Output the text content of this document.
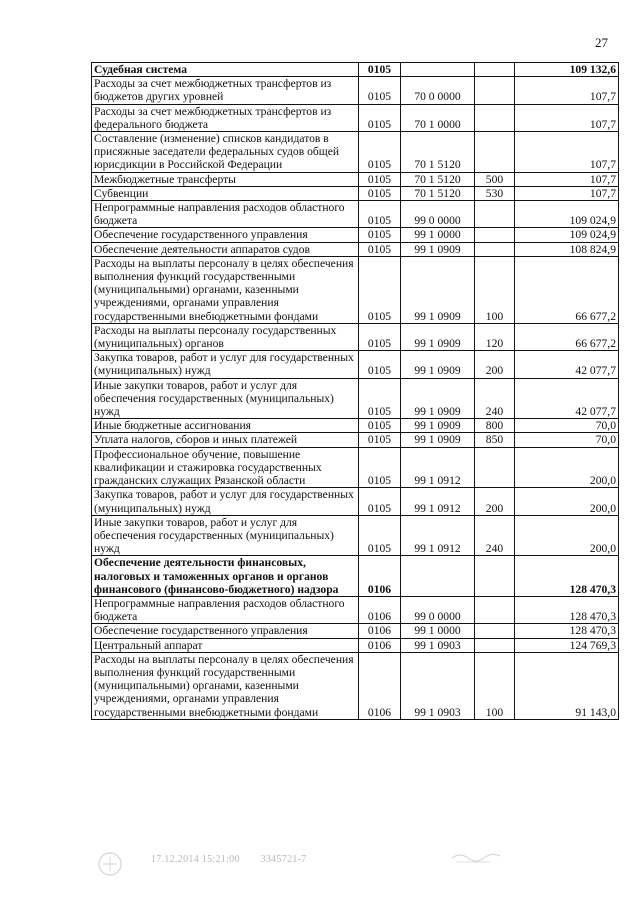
27
Судебная система	0105			109 132,6
Расходы за счет межбюджетных трансфертов из бюджетов других уровней	0105	70 0 0000		107,7
Расходы за счет межбюджетных трансфертов из федерального бюджета	0105	70 1 0000		107,7
Составление (изменение) списков кандидатов в присяжные заседатели федеральных судов общей юрисдикции в Российской Федерации	0105	70 1 5120		107,7
Межбюджетные трансферты	0105	70 1 5120	500	107,7
Субвенции	0105	70 1 5120	530	107,7
Непрограммные направления расходов областного бюджета	0105	99 0 0000		109 024,9
Обеспечение государственного управления	0105	99 1 0000		109 024,9
Обеспечение деятельности аппаратов судов	0105	99 1 0909		108 824,9
Расходы на выплаты персоналу в целях обеспечения выполнения функций государственными (муниципальными) органами, казенными учреждениями, органами управления государственными внебюджетными фондами	0105	99 1 0909	100	66 677,2
Расходы на выплаты персоналу государственных (муниципальных) органов	0105	99 1 0909	120	66 677,2
Закупка товаров, работ и услуг для государственных (муниципальных) нужд	0105	99 1 0909	200	42 077,7
Иные закупки товаров, работ и услуг для обеспечения государственных (муниципальных) нужд	0105	99 1 0909	240	42 077,7
Иные бюджетные ассигнования	0105	99 1 0909	800	70,0
Уплата налогов, сборов и иных платежей	0105	99 1 0909	850	70,0
Профессиональное обучение, повышение квалификации и стажировка государственных гражданских служащих Рязанской области	0105	99 1 0912		200,0
Закупка товаров, работ и услуг для государственных (муниципальных) нужд	0105	99 1 0912	200	200,0
Иные закупки товаров, работ и услуг для обеспечения государственных (муниципальных) нужд	0105	99 1 0912	240	200,0
Обеспечение деятельности финансовых, налоговых и таможенных органов и органов финансового (финансово-бюджетного) надзора	0106			128 470,3
Непрограммные направления расходов областного бюджета	0106	99 0 0000		128 470,3
Обеспечение государственного управления	0106	99 1 0000		128 470,3
Центральный аппарат	0106	99 1 0903		124 769,3
Расходы на выплаты персоналу в целях обеспечения выполнения функций государственными (муниципальными) органами, казенными учреждениями, органами управления государственными внебюджетными фондами	0106	99 1 0903	100	91 143,0
17.12.2014 15:21:00 3345721-7
